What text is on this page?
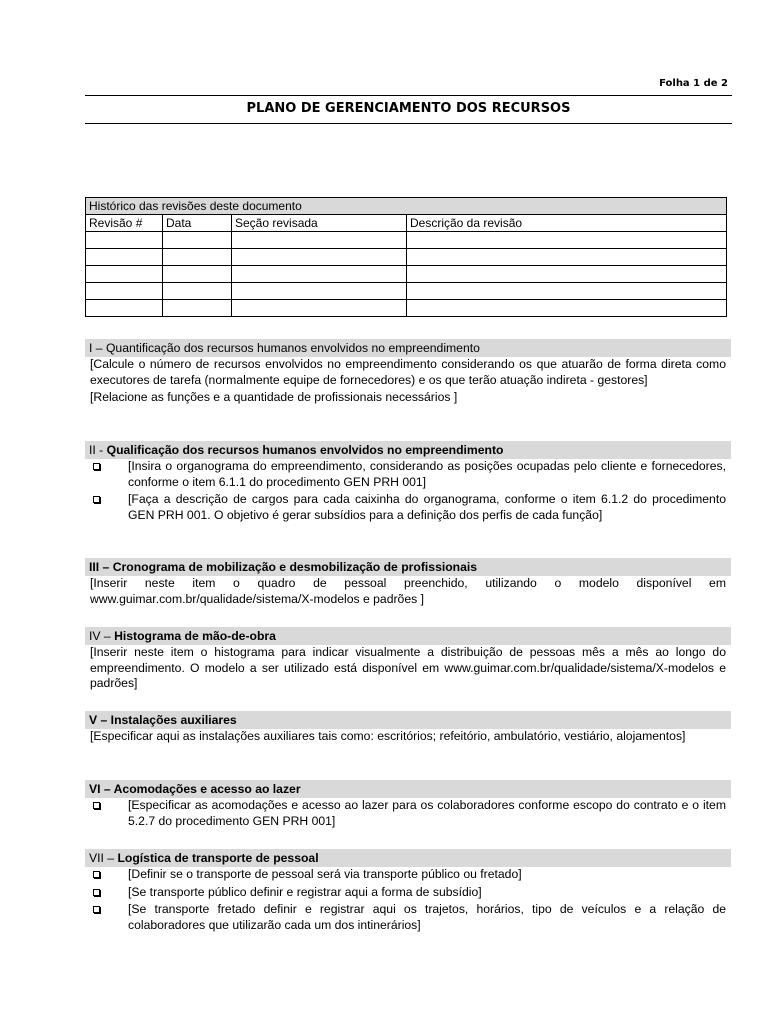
Folha 1 de 2
PLANO DE GERENCIAMENTO DOS RECURSOS
Histórico das revisões deste documento			
Revisão #	Data	Seção revisada	Descrição da revisão

I – Quantificação dos recursos humanos envolvidos no empreendimento
[Calcule o número de recursos envolvidos no empreendimento considerando os que atuarão de forma direta como executores de tarefa (normalmente equipe de fornecedores) e os que terão atuação indireta - gestores]
[Relacione as funções e a quantidade de profissionais necessários ]
II - Qualificação dos recursos humanos envolvidos no empreendimento
[Insira o organograma do empreendimento, considerando as posições ocupadas pelo cliente e fornecedores, conforme o item 6.1.1 do procedimento GEN PRH 001]
[Faça a descrição de cargos para cada caixinha do organograma, conforme o item 6.1.2 do procedimento GEN PRH 001. O objetivo é gerar subsídios para a definição dos perfis de cada função]
III – Cronograma de mobilização e desmobilização de profissionais
[Inserir neste item o quadro de pessoal preenchido, utilizando o modelo disponível em www.guimar.com.br/qualidade/sistema/X-modelos e padrões ]
IV – Histograma de mão-de-obra
[Inserir neste item o histograma para indicar visualmente a distribuição de pessoas mês a mês ao longo do empreendimento. O modelo a ser utilizado está disponível em www.guimar.com.br/qualidade/sistema/X-modelos e padrões]
V – Instalações auxiliares
[Especificar aqui as instalações auxiliares tais como: escritórios; refeitório, ambulatório, vestiário, alojamentos]
VI – Acomodações e acesso ao lazer
[Especificar as acomodações e acesso ao lazer para os colaboradores conforme escopo do contrato e o item 5.2.7 do procedimento GEN PRH 001]
VII – Logística de transporte de pessoal
[Definir se o transporte de pessoal será via transporte público ou fretado]
[Se transporte público definir e registrar aqui a forma de subsídio]
[Se transporte fretado definir e registrar aqui os trajetos, horários, tipo de veículos e a relação de colaboradores que utilizarão cada um dos intinerários]
